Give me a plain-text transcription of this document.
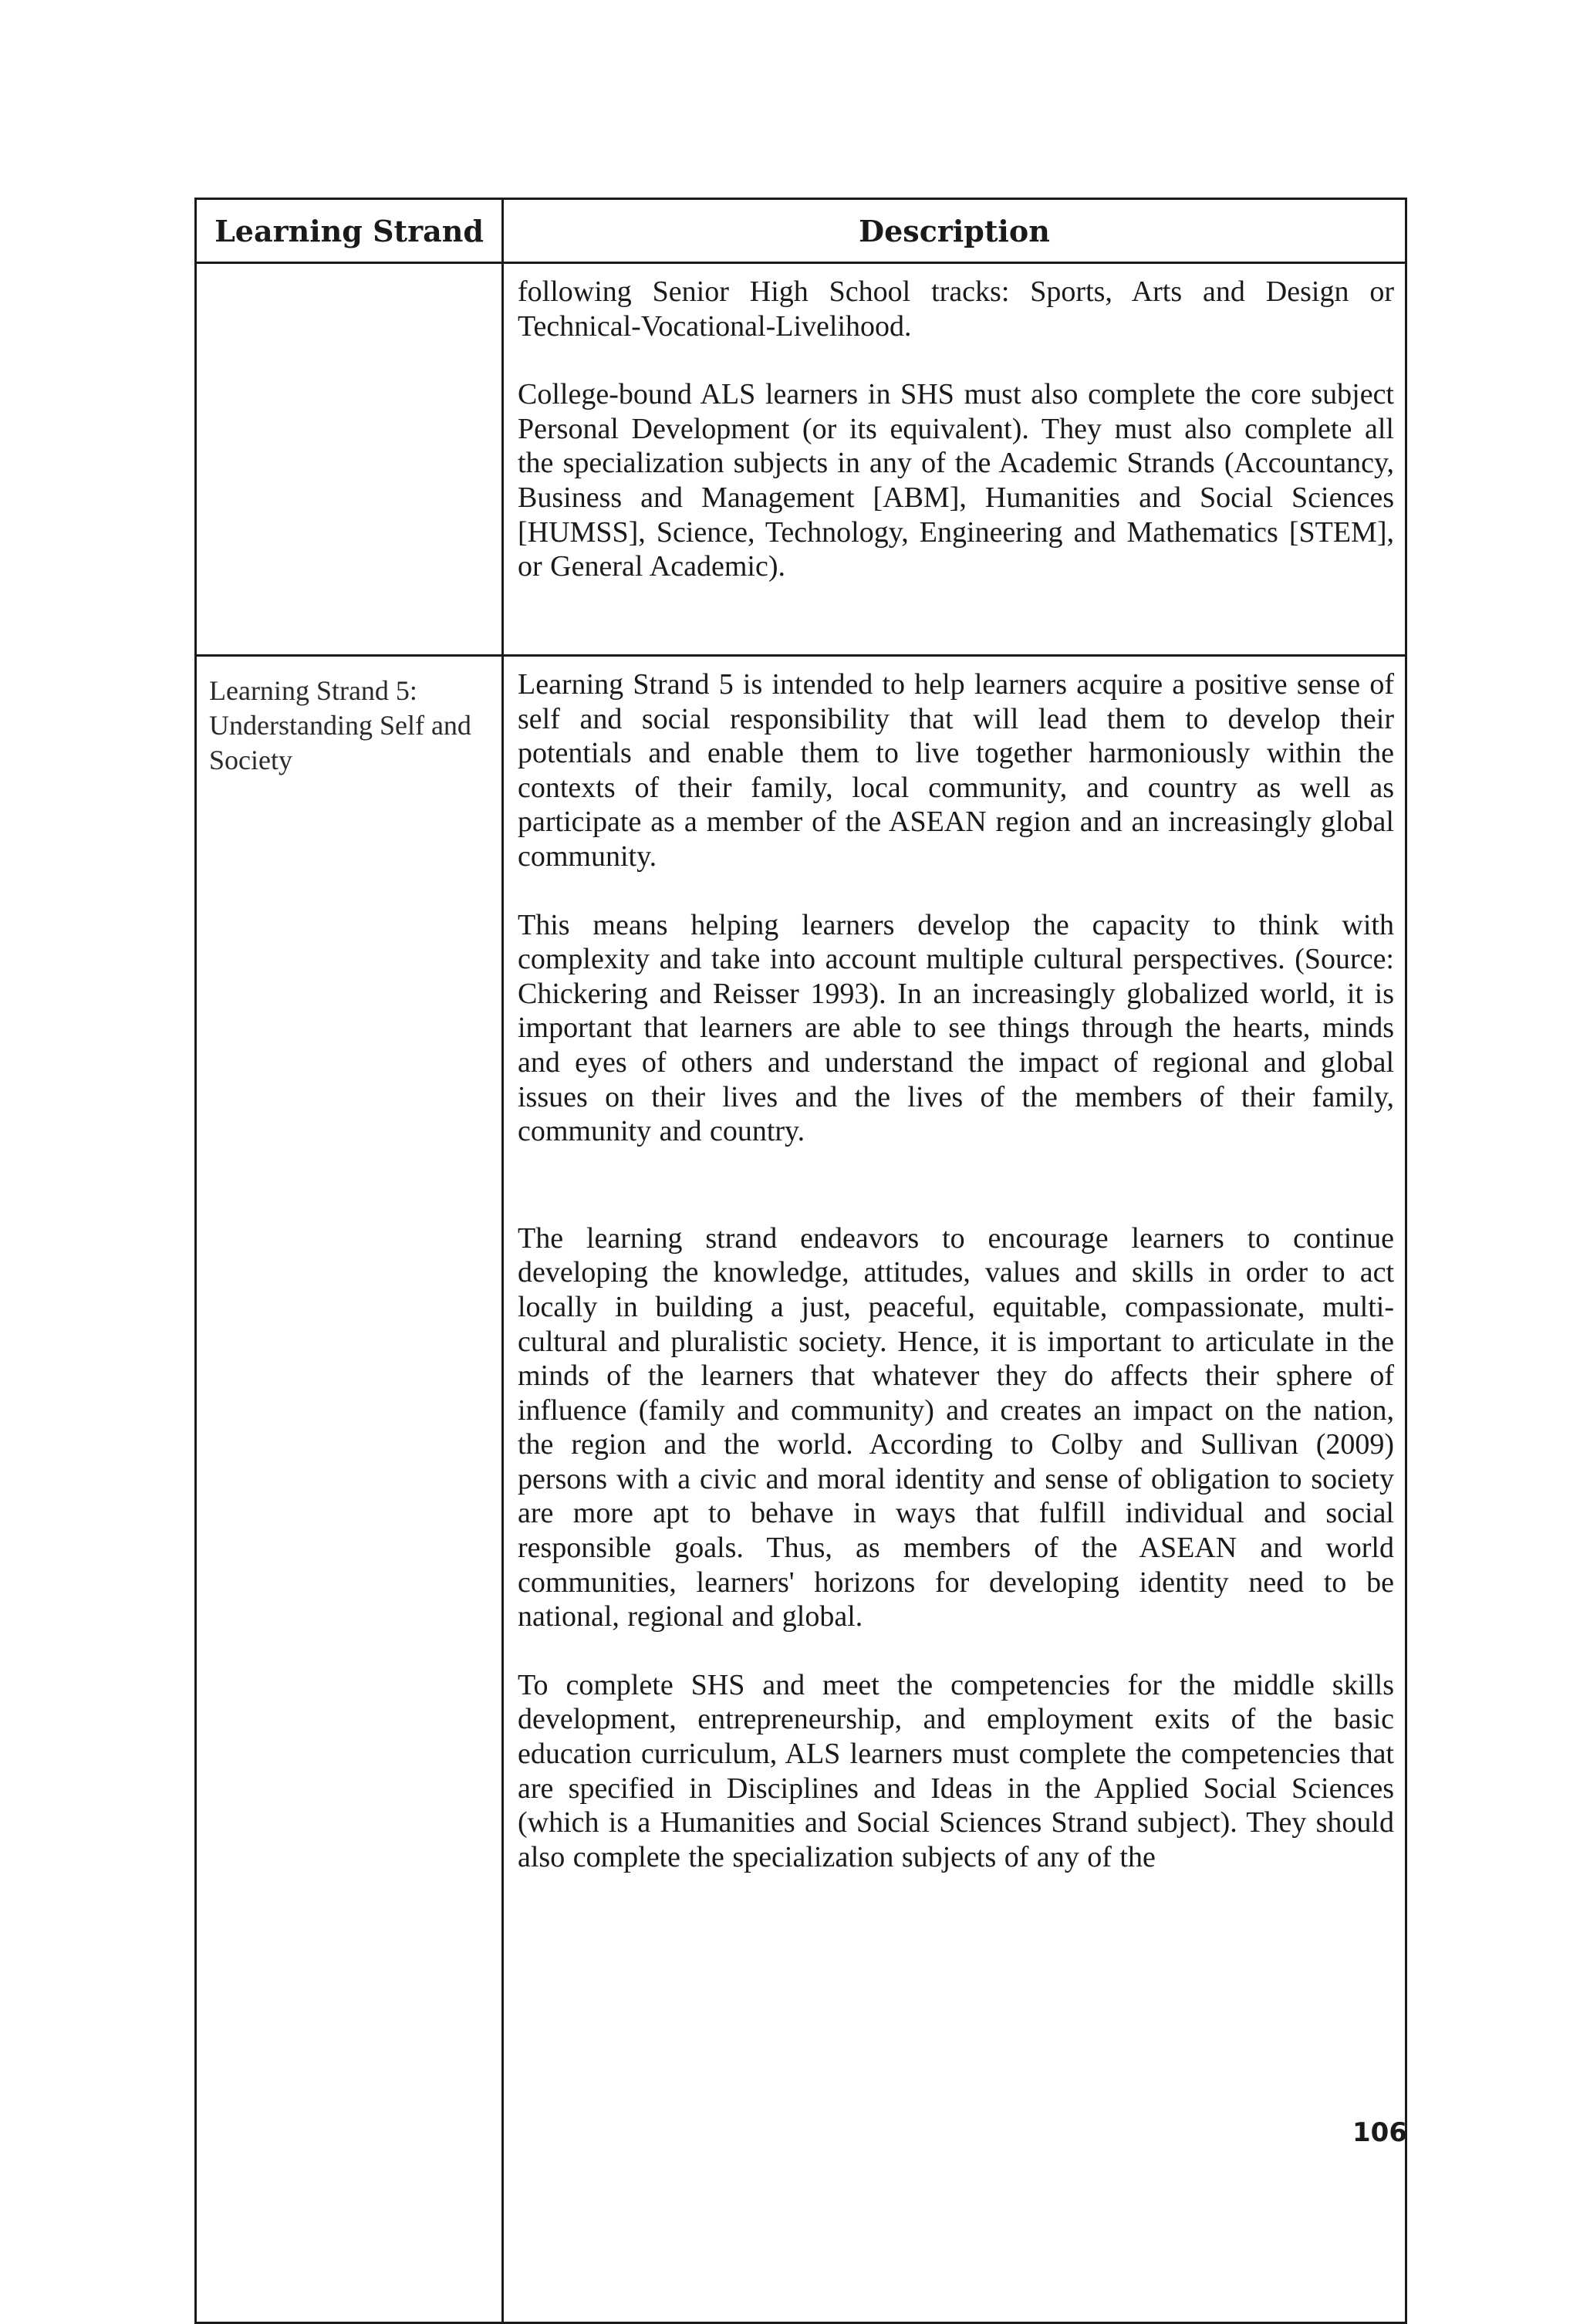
Learning Strand	Description

	following Senior High School tracks: Sports, Arts and Design or Technical-Vocational-Livelihood.

College-bound ALS learners in SHS must also complete the core subject Personal Development (or its equivalent). They must also complete all the specialization subjects in any of the Academic Strands (Accountancy, Business and Management [ABM], Humanities and Social Sciences [HUMSS], Science, Technology, Engineering and Mathematics [STEM], or General Academic).

Learning Strand 5: Understanding Self and Society	Learning Strand 5 is intended to help learners acquire a positive sense of self and social responsibility that will lead them to develop their potentials and enable them to live together harmoniously within the contexts of their family, local community, and country as well as participate as a member of the ASEAN region and an increasingly global community.

This means helping learners develop the capacity to think with complexity and take into account multiple cultural perspectives. (Source: Chickering and Reisser 1993). In an increasingly globalized world, it is important that learners are able to see things through the hearts, minds and eyes of others and understand the impact of regional and global issues on their lives and the lives of the members of their family, community and country.

The learning strand endeavors to encourage learners to continue developing the knowledge, attitudes, values and skills in order to act locally in building a just, peaceful, equitable, compassionate, multi-cultural and pluralistic society. Hence, it is important to articulate in the minds of the learners that whatever they do affects their sphere of influence (family and community) and creates an impact on the nation, the region and the world. According to Colby and Sullivan (2009) persons with a civic and moral identity and sense of obligation to society are more apt to behave in ways that fulfill individual and social responsible goals. Thus, as members of the ASEAN and world communities, learners' horizons for developing identity need to be national, regional and global.

To complete SHS and meet the competencies for the middle skills development, entrepreneurship, and employment exits of the basic education curriculum, ALS learners must complete the competencies that are specified in Disciplines and Ideas in the Applied Social Sciences (which is a Humanities and Social Sciences Strand subject). They should also complete the specialization subjects of any of the

106
